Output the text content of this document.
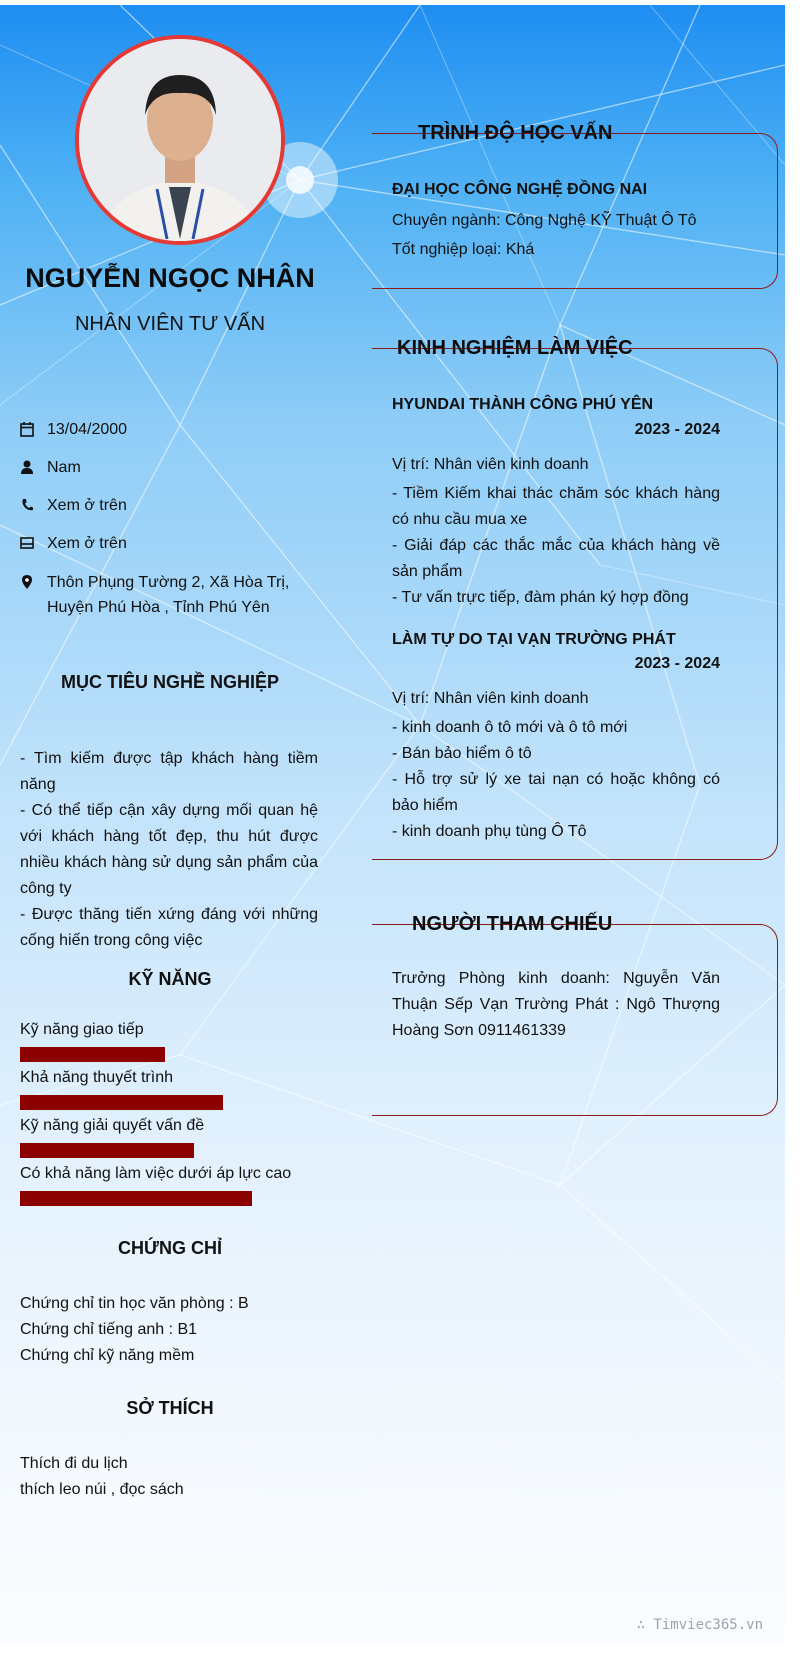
NGUYỄN NGỌC NHÂN
NHÂN VIÊN TƯ VẤN
13/04/2000
Nam
Xem ở trên
Xem ở trên
Thôn Phụng Tường 2, Xã Hòa Trị, Huyện Phú Hòa , Tỉnh Phú Yên
MỤC TIÊU NGHỀ NGHIỆP
- Tìm kiếm được tập khách hàng tiềm năng
- Có thể tiếp cận xây dựng mối quan hệ với khách hàng tốt đẹp, thu hút được nhiều khách hàng sử dụng sản phẩm của công ty
- Được thăng tiến xứng đáng với những cống hiến trong công việc
KỸ NĂNG
Kỹ năng giao tiếp
Khả năng thuyết trình
Kỹ năng giải quyết vấn đề
Có khả năng làm việc dưới áp lực cao
CHỨNG CHỈ
Chứng chỉ tin học văn phòng : B
Chứng chỉ tiếng anh : B1
Chứng chỉ kỹ năng mềm
SỞ THÍCH
Thích đi du lịch
thích leo núi , đọc sách
TRÌNH ĐỘ HỌC VẤN
ĐẠI HỌC CÔNG NGHỆ ĐỒNG NAI
Chuyên ngành: Công Nghệ KỸ Thuật Ô Tô
Tốt nghiệp loại: Khá
KINH NGHIỆM LÀM VIỆC
HYUNDAI THÀNH CÔNG PHÚ YÊN
2023 - 2024
Vị trí: Nhân viên kinh doanh
- Tiềm Kiếm khai thác chăm sóc khách hàng có nhu cầu mua xe
- Giải đáp các thắc mắc của khách hàng về sản phẩm
- Tư vấn trực tiếp, đàm phán ký hợp đồng
LÀM TỰ DO TẠI VẠN TRƯỜNG PHÁT
2023 - 2024
Vị trí: Nhân viên kinh doanh
- kinh doanh ô tô mới và ô tô mới
- Bán bảo hiểm ô tô
- Hỗ trợ sử lý xe tai nạn có hoặc không có bảo hiểm
- kinh doanh phụ tùng Ô Tô
NGƯỜI THAM CHIẾU
Trưởng Phòng kinh doanh: Nguyễn Văn Thuận Sếp Vạn Trường Phát : Ngô Thượng Hoàng Sơn 0911461339
∴ Timviec365.vn
